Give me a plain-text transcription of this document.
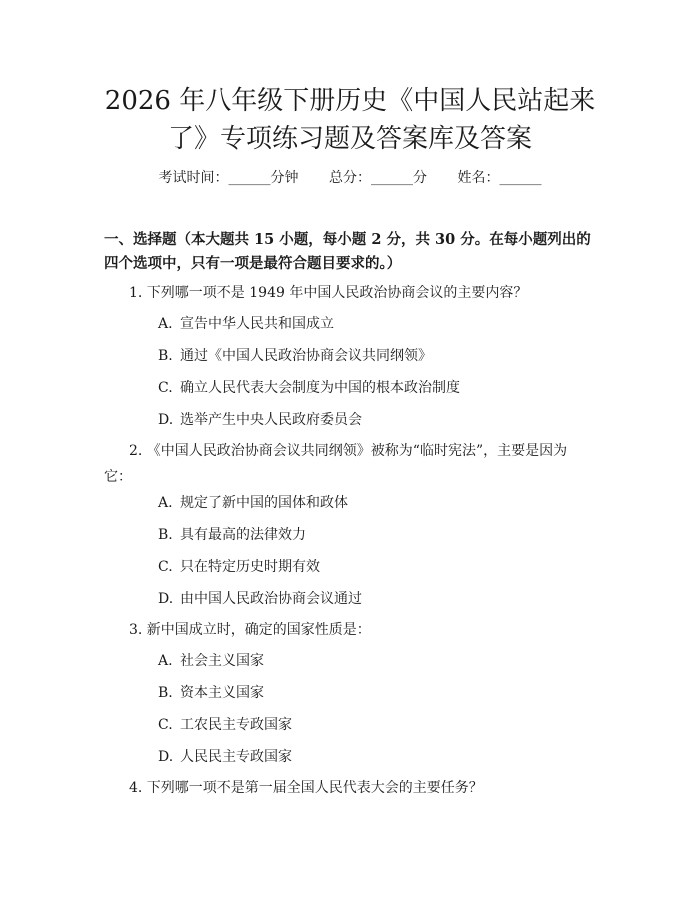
2026 年八年级下册历史《中国人民站起来
了》专项练习题及答案库及答案
考试时间：______分钟 总分：______分 姓名：______

一、选择题（本大题共 15 小题，每小题 2 分，共 30 分。在每小题列出的四个选项中，只有一项是最符合题目要求的。）

1. 下列哪一项不是 1949 年中国人民政治协商会议的主要内容？

A. 宣告中华人民共和国成立

B. 通过《中国人民政治协商会议共同纲领》

C. 确立人民代表大会制度为中国的根本政治制度

D. 选举产生中央人民政府委员会

2. 《中国人民政治协商会议共同纲领》被称为“临时宪法”，主要是因为它：

A. 规定了新中国的国体和政体

B. 具有最高的法律效力

C. 只在特定历史时期有效

D. 由中国人民政治协商会议通过

3. 新中国成立时，确定的国家性质是：

A. 社会主义国家

B. 资本主义国家

C. 工农民主专政国家

D. 人民民主专政国家

4. 下列哪一项不是第一届全国人民代表大会的主要任务？
